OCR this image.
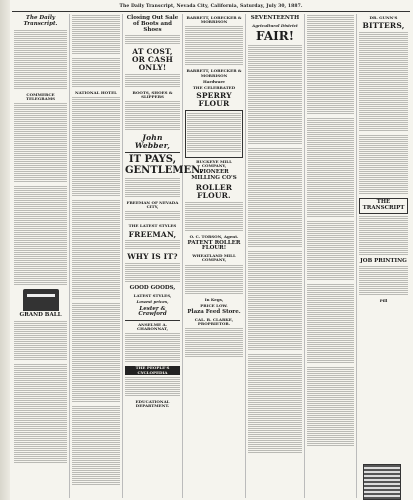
The Daily Transcript, Nevada City, California, Saturday, July 30, 1887.
The Daily Transcript.
COMMERCE TELEGRAMS
GRAND BALL
NATIONAL HOTEL
Closing Out Sale of Boots and Shoes
AT COST, OR CASH ONLY!
BOOTS, SHOES & SLIPPERS
John Webber,
IT PAYS, GENTLEMEN.
FREEMAN OF NEVADA CITY,
THE LATEST STYLES
FREEMAN,
WHY IS IT?
GOOD GOODS,
LATEST STYLES,
Lowest prices,
Lester & Crawford
ANSELME A. CHARONNAT,
THE PEOPLE'S CYCLOPEDIA
EDUCATIONAL DEPARTMENT.
BARRETT, LOBECKER & MORRISON
BARRETT, LOBECKER & MORRISON
Hardware
THE CELEBRATED
SPERRY FLOUR
BUCKEYE MILL COMPANY,
PIONEER MILLING CO'S
ROLLER FLOUR.
O. C. TORSON, Agent.
PATENT ROLLER FLOUR!
WHEATLAND MILL COMPANY,
In Kegs,
PRICE LOW.
Plaza Feed Store.
CAL. B. CLARKE, PROPRIETOR.
SEVENTEENTH
Agricultural District
FAIR!
DR. GUNN'S
BITTERS,
THE TRANSCRIPT
JOB PRINTING
Pill
